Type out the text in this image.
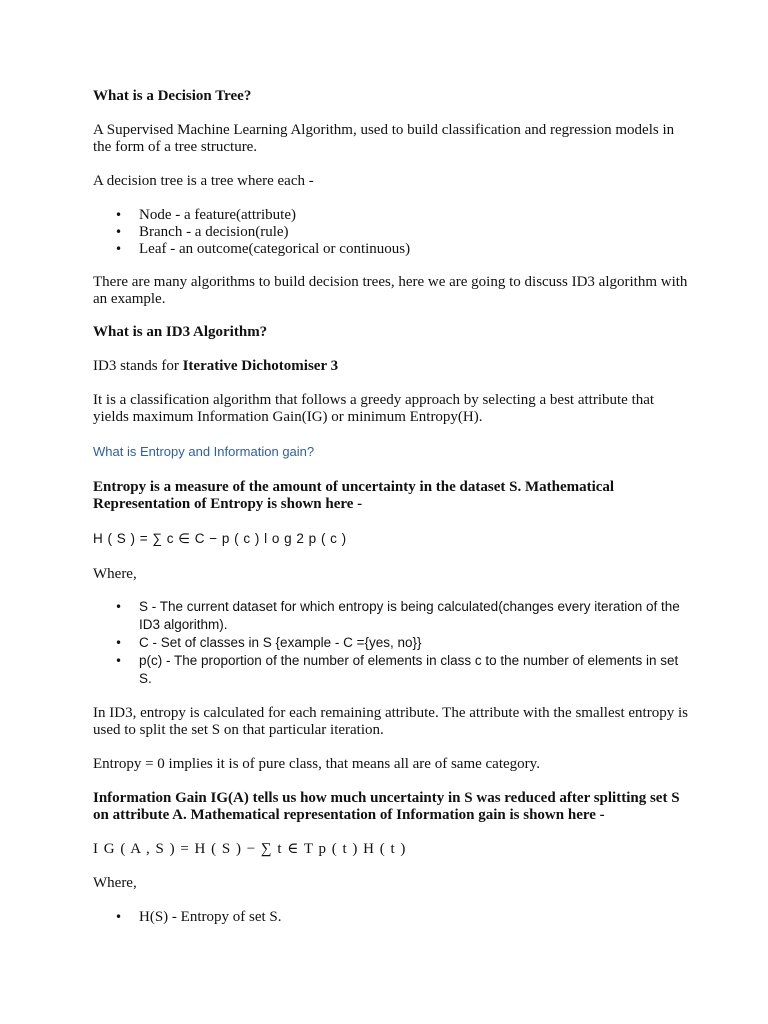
What is a Decision Tree?

A Supervised Machine Learning Algorithm, used to build classification and regression models in the form of a tree structure.

A decision tree is a tree where each -

• Node - a feature(attribute)
• Branch - a decision(rule)
• Leaf - an outcome(categorical or continuous)

There are many algorithms to build decision trees, here we are going to discuss ID3 algorithm with an example.

What is an ID3 Algorithm?

ID3 stands for Iterative Dichotomiser 3

It is a classification algorithm that follows a greedy approach by selecting a best attribute that yields maximum Information Gain(IG) or minimum Entropy(H).

What is Entropy and Information gain?

Entropy is a measure of the amount of uncertainty in the dataset S. Mathematical Representation of Entropy is shown here -

H ( S ) = ∑ c ∈ C − p ( c ) l o g 2 p ( c )

Where,

• S - The current dataset for which entropy is being calculated(changes every iteration of the ID3 algorithm).
• C - Set of classes in S {example - C ={yes, no}}
• p(c) - The proportion of the number of elements in class c to the number of elements in set S.

In ID3, entropy is calculated for each remaining attribute. The attribute with the smallest entropy is used to split the set S on that particular iteration.

Entropy = 0 implies it is of pure class, that means all are of same category.

Information Gain IG(A) tells us how much uncertainty in S was reduced after splitting set S on attribute A. Mathematical representation of Information gain is shown here -

I G ( A , S ) = H ( S ) − ∑ t ∈ T p ( t ) H ( t )

Where,

• H(S) - Entropy of set S.
